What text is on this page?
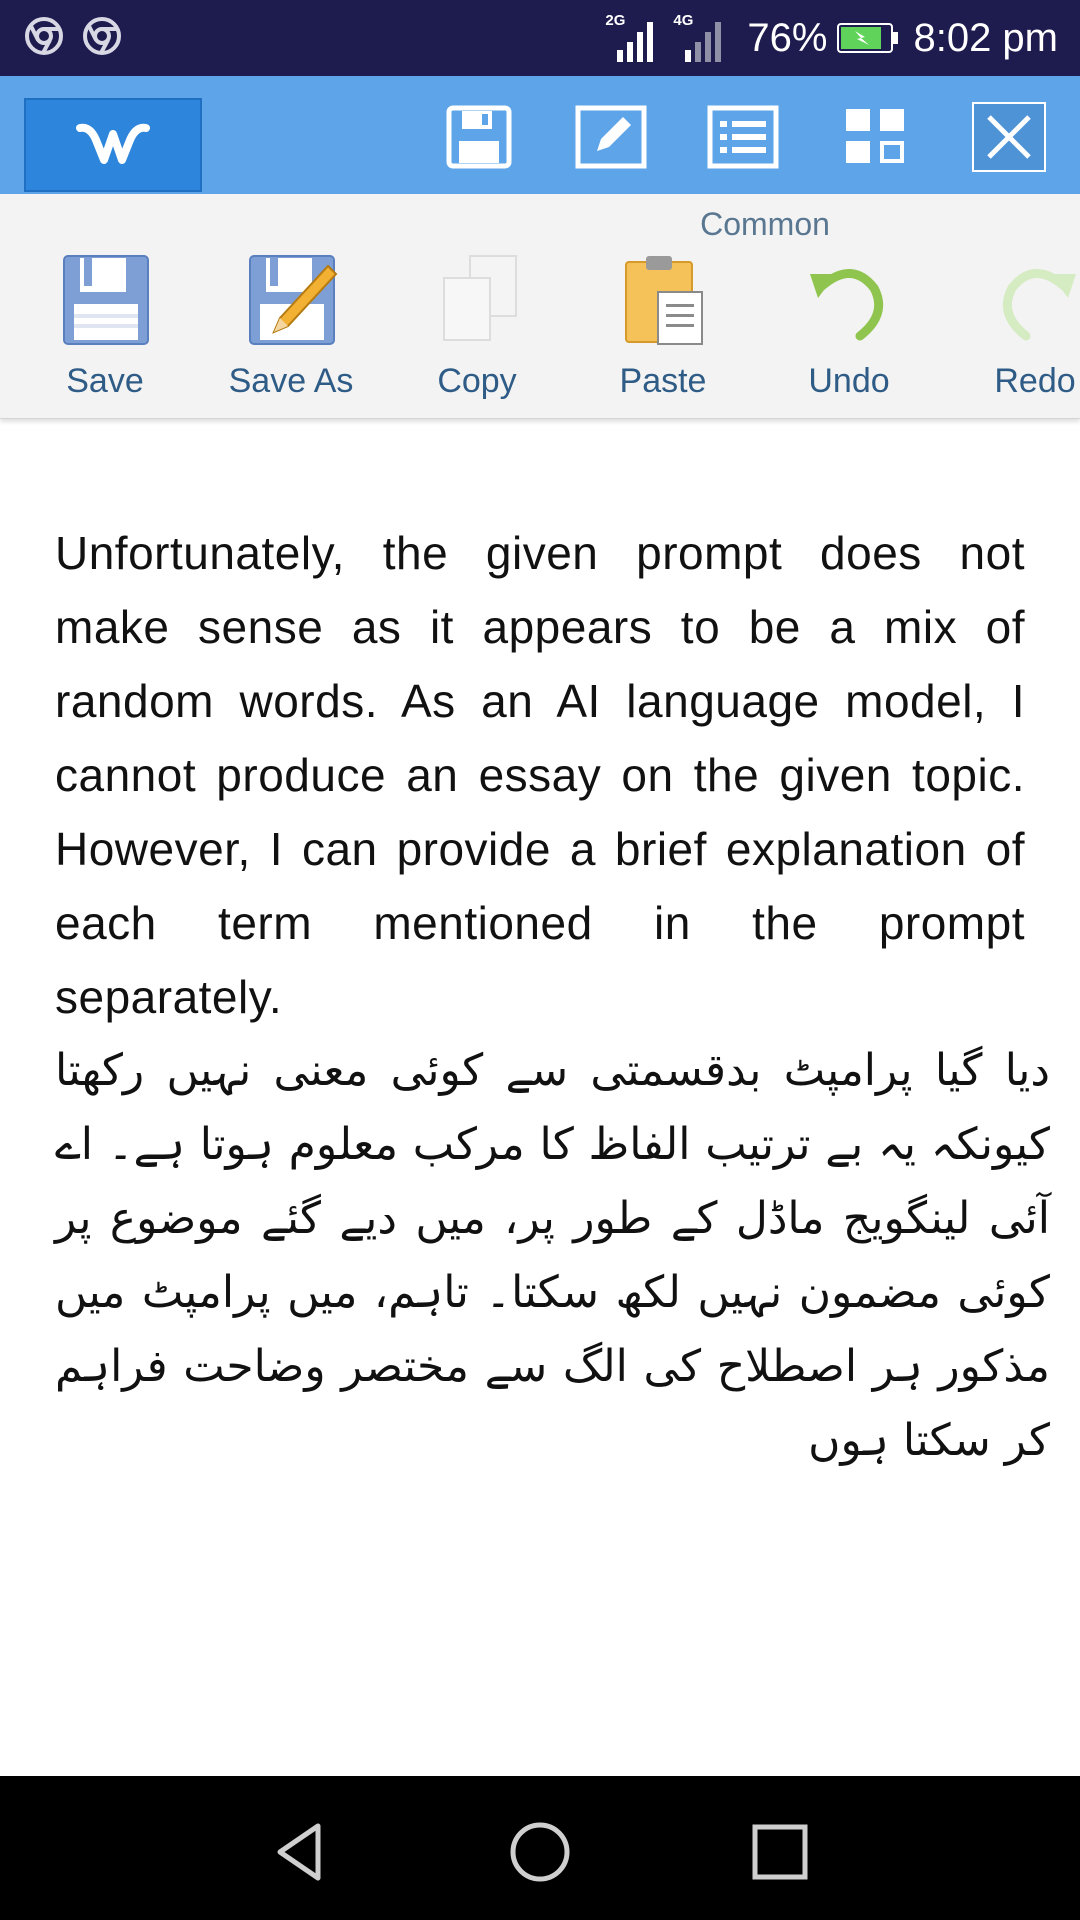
2G	4G 76% 8:02 pm
Common
Save	Save As	Copy	Paste	Undo	Redo

Unfortunately, the given prompt does not make sense as it appears to be a mix of random words. As an AI language model, I cannot produce an essay on the given topic. However, I can provide a brief explanation of each term mentioned in the prompt separately.

دیا گیا پرامپٹ بدقسمتی سے کوئی معنی نہیں رکھتا کیونکہ یہ بے ترتیب الفاظ کا مرکب معلوم ہوتا ہے۔ اے آئی لینگویج ماڈل کے طور پر، میں دیے گئے موضوع پر کوئی مضمون نہیں لکھ سکتا۔ تاہم، میں پرامپٹ میں مذکور ہر اصطلاح کی الگ سے مختصر وضاحت فراہم کر سکتا ہوں
